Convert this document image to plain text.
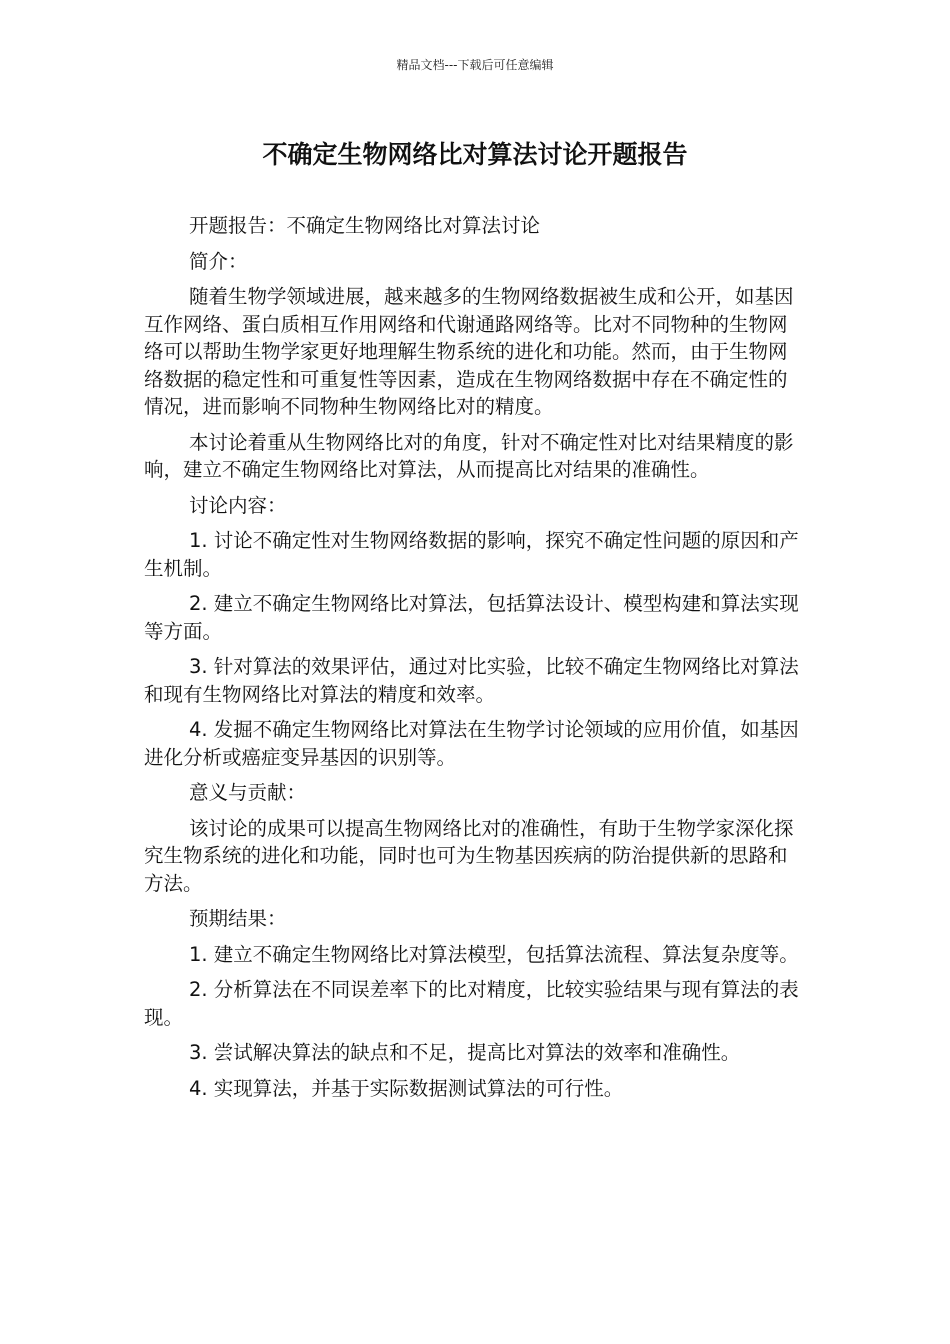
精品文档---下载后可任意编辑
不确定生物网络比对算法讨论开题报告

开题报告：不确定生物网络比对算法讨论

简介：

随着生物学领域进展，越来越多的生物网络数据被生成和公开，如基因互作网络、蛋白质相互作用网络和代谢通路网络等。比对不同物种的生物网络可以帮助生物学家更好地理解生物系统的进化和功能。然而，由于生物网络数据的稳定性和可重复性等因素，造成在生物网络数据中存在不确定性的情况，进而影响不同物种生物网络比对的精度。

本讨论着重从生物网络比对的角度，针对不确定性对比对结果精度的影响，建立不确定生物网络比对算法，从而提高比对结果的准确性。

讨论内容：

1. 讨论不确定性对生物网络数据的影响，探究不确定性问题的原因和产生机制。

2. 建立不确定生物网络比对算法，包括算法设计、模型构建和算法实现等方面。

3. 针对算法的效果评估，通过对比实验，比较不确定生物网络比对算法和现有生物网络比对算法的精度和效率。

4. 发掘不确定生物网络比对算法在生物学讨论领域的应用价值，如基因进化分析或癌症变异基因的识别等。

意义与贡献：

该讨论的成果可以提高生物网络比对的准确性，有助于生物学家深化探究生物系统的进化和功能，同时也可为生物基因疾病的防治提供新的思路和方法。

预期结果：

1. 建立不确定生物网络比对算法模型，包括算法流程、算法复杂度等。

2. 分析算法在不同误差率下的比对精度，比较实验结果与现有算法的表现。

3. 尝试解决算法的缺点和不足，提高比对算法的效率和准确性。

4. 实现算法，并基于实际数据测试算法的可行性。
